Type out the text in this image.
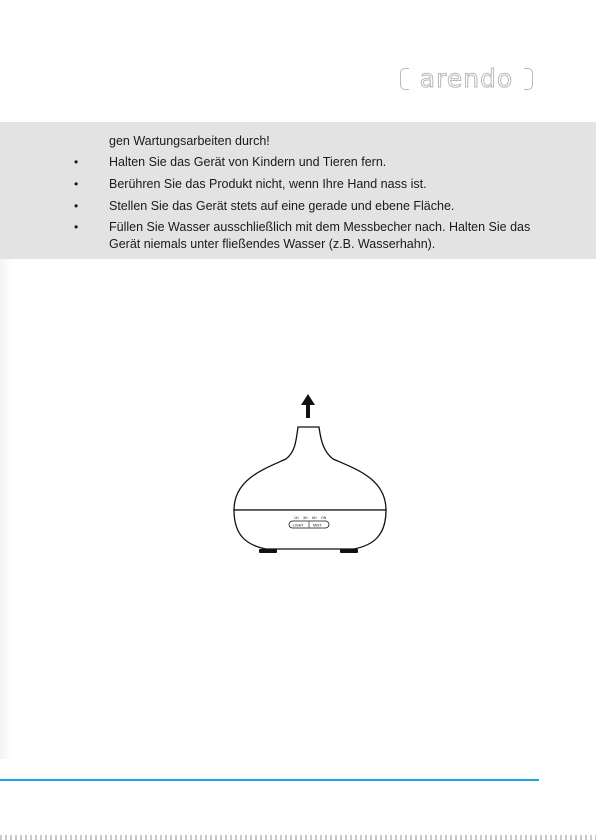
arendo
gen Wartungsarbeiten durch!
• Halten Sie das Gerät von Kindern und Tieren fern.
• Berühren Sie das Produkt nicht, wenn Ihre Hand nass ist.
• Stellen Sie das Gerät stets auf eine gerade und ebene Fläche.
• Füllen Sie Wasser ausschließlich mit dem Messbecher nach. Halten Sie das
Gerät niemals unter fließendes Wasser (z.B. Wasserhahn).
1H 3H 6H ON
LIGHT	MIST
